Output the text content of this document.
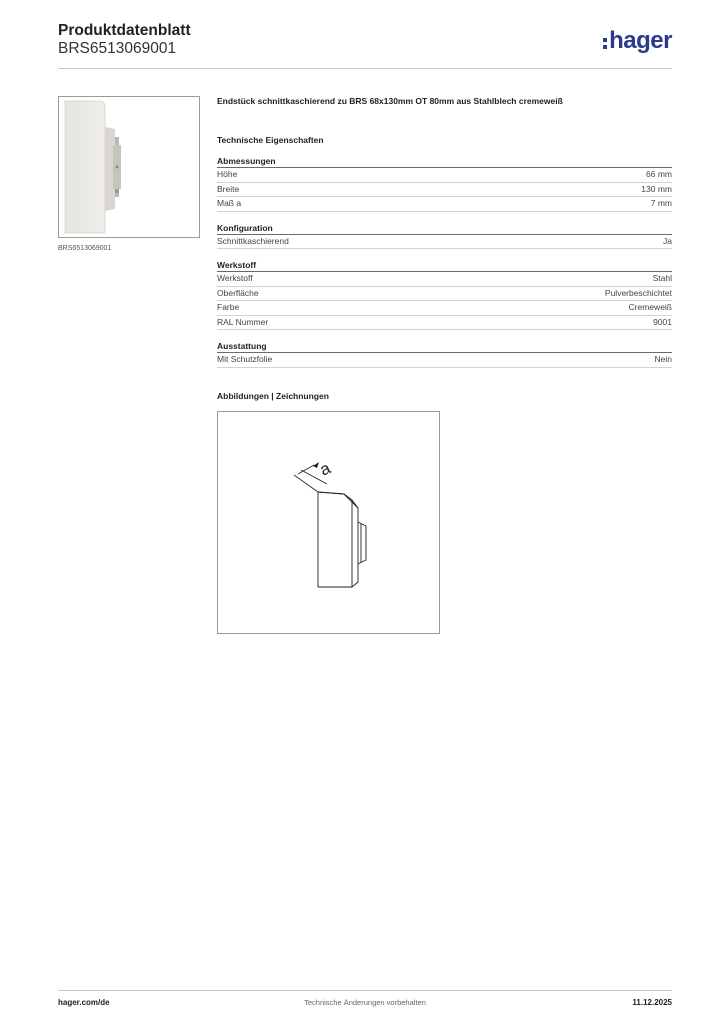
Produktdatenblatt
BRS6513069001	hager
BRS6513069001
Endstück schnittkaschierend zu BRS 68x130mm OT 80mm aus Stahlblech cremeweiß
Technische Eigenschaften
Abmessungen
Höhe	66 mm
Breite	130 mm
Maß a	7 mm
Konfiguration
Schnittkaschierend	Ja
Werkstoff
Werkstoff	Stahl
Oberfläche	Pulverbeschichtet
Farbe	Cremeweiß
RAL Nummer	9001
Ausstattung
Mit Schutzfolie	Nein
Abbildungen | Zeichnungen
a
hager.com/de	Technische Änderungen vorbehalten	11.12.2025
